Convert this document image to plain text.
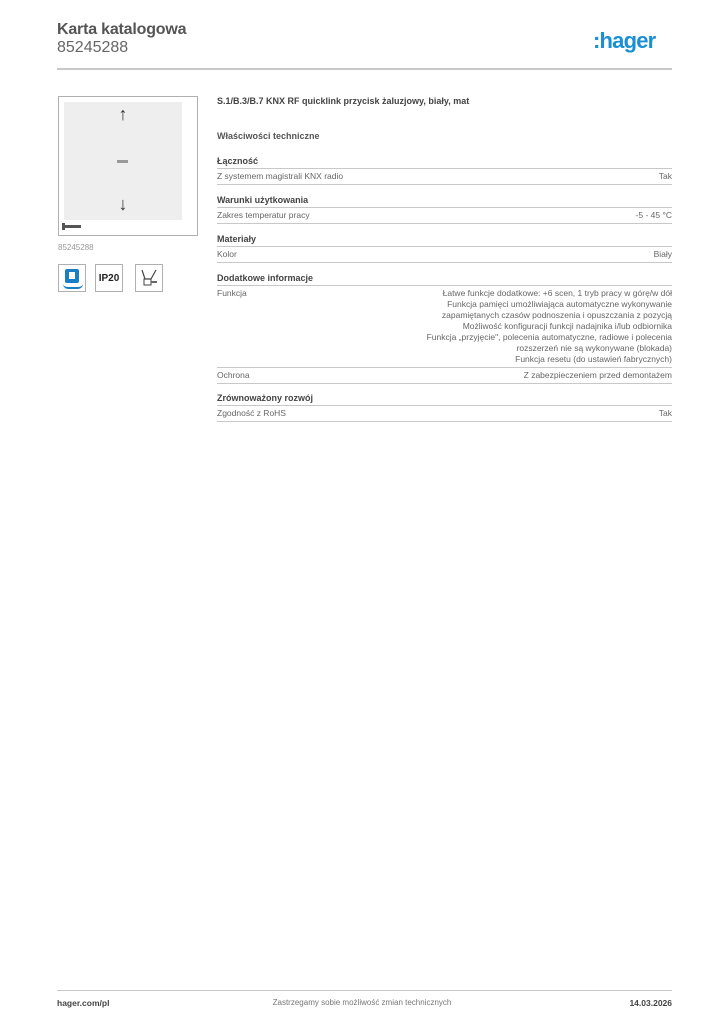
Karta katalogowa
85245288	:hager
↑
↓
85245288
IP20
S.1/B.3/B.7 KNX RF quicklink przycisk żaluzjowy, biały, mat
Właściwości techniczne
Łączność
Z systemem magistrali KNX radio	Tak
Warunki użytkowania
Zakres temperatur pracy	-5 - 45 °C
Materiały
Kolor	Biały
Dodatkowe informacje
Funkcja	Łatwe funkcje dodatkowe: +6 scen, 1 tryb pracy w górę/w dół
Funkcja pamięci umożliwiająca automatyczne wykonywanie
zapamiętanych czasów podnoszenia i opuszczania z pozycją
Możliwość konfiguracji funkcji nadajnika i/lub odbiornika
Funkcja „przyjęcie", polecenia automatyczne, radiowe i polecenia
rozszerzeń nie są wykonywane (blokada)
Funkcja resetu (do ustawień fabrycznych)
Ochrona	Z zabezpieczeniem przed demontażem
Zrównoważony rozwój
Zgodność z RoHS	Tak
hager.com/pl	Zastrzegamy sobie możliwość zmian technicznych	14.03.2026
